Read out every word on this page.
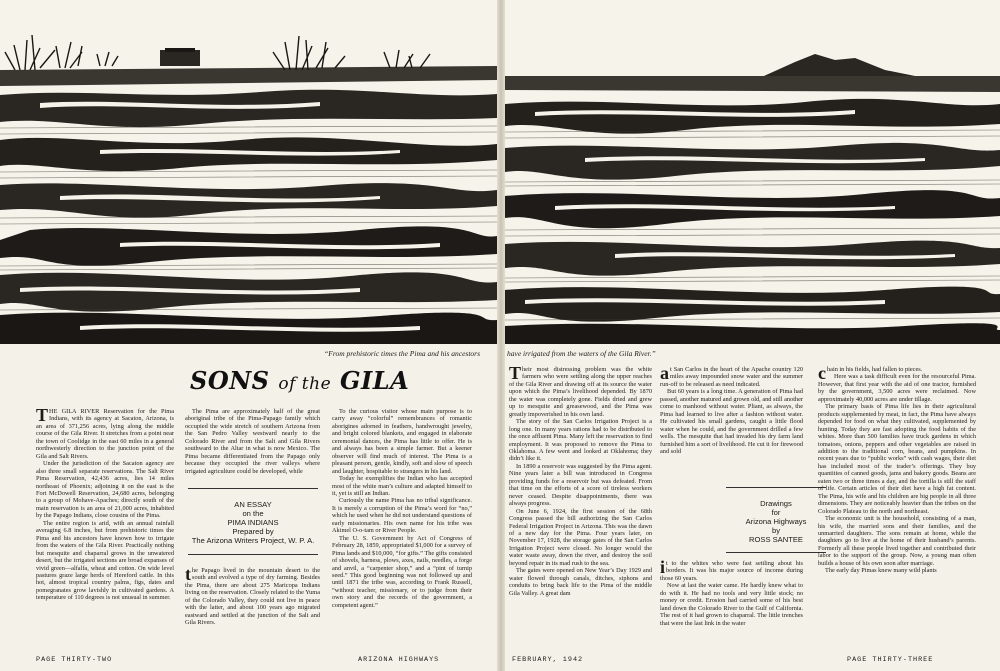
“From prehistoric times the Pima and his ancestors
SONS of the GILA

THE GILA RIVER Reservation for the Pima Indians, with its agency at Sacaton, Arizona, is an area of 371,256 acres, lying along the middle course of the Gila River. It stretches from a point near the town of Coolidge in the east 60 miles in a general northwesterly direction to the junction point of the Gila and Salt Rivers.

Under the jurisdiction of the Sacaton agency are also three small separate reservations. The Salt River Pima Reservation, 42,436 acres, lies 14 miles northeast of Phoenix; adjoining it on the east is the Fort McDowell Reservation, 24,680 acres, belonging to a group of Mohave-Apaches; directly south of the main reservation is an area of 21,000 acres, inhabited by the Papago Indians, close cousins of the Pima.

The entire region is arid, with an annual rainfall averaging 6.8 inches, but from prehistoric times the Pima and his ancestors have known how to irrigate from the waters of the Gila River. Practically nothing but mesquite and chaparral grows in the unwatered desert, but the irrigated sections are broad expanses of vivid green—alfalfa, wheat and cotton. On wide level pastures graze large herds of Hereford cattle. In this hot, almost tropical country palms, figs, dates and pomegranates grow lavishly in cultivated gardens. A temperature of 110 degrees is not unusual in summer.

The Pima are approximately half of the great aboriginal tribe of the Pima-Papago family which occupied the wide stretch of southern Arizona from the San Pedro Valley westward nearly to the Colorado River and from the Salt and Gila Rivers southward to the Altar in what is now Mexico. The Pima became differentiated from the Papago only because they occupied the river valleys where irrigated agriculture could be developed, while

AN ESSAY
on the
PIMA INDIANS
Prepared by
The Arizona Writers Project, W. P. A.

the Papago lived in the mountain desert to the south and evolved a type of dry farming. Besides the Pima, there are about 275 Maricopa Indians living on the reservation. Closely related to the Yuma of the Colorado Valley, they could not live in peace with the latter, and about 100 years ago migrated eastward and settled at the junction of the Salt and Gila Rivers.

To the curious visitor whose main purpose is to carry away “colorful” remembrances of romantic aborigines adorned in feathers, handwrought jewelry, and bright colored blankets, and engaged in elaborate ceremonial dances, the Pima has little to offer. He is and always has been a simple farmer. But a keener observer will find much of interest. The Pima is a pleasant person, gentle, kindly, soft and slow of speech and laughter, hospitable to strangers in his land.

Today he exemplifies the Indian who has accepted most of the white man’s culture and adapted himself to it, yet is still an Indian.

Curiously the name Pima has no tribal significance. It is merely a corruption of the Pima’s word for “no,” which he used when he did not understand questions of early missionaries. His own name for his tribe was Akimel O-o-tam or River People.

The U. S. Government by Act of Congress of February 28, 1859, appropriated $1,000 for a survey of Pima lands and $10,000, “for gifts.” The gifts consisted of shovels, harness, plows, axes, nails, needles, a forge and anvil, a “carpenter shop,” and a “pint of turnip seed.” This good beginning was not followed up and until 1871 the tribe was, according to Frank Russell, “without teacher, missionary, or to judge from their own story and the records of the government, a competent agent.”

PAGE THIRTY-TWO	ARIZONA HIGHWAYS
have irrigated from the waters of the Gila River.”

Their most distressing problem was the white farmers who were settling along the upper reaches of the Gila River and drawing off at its source the water upon which the Pima’s livelihood depended. By 1870 the water was completely gone. Fields dried and grew up to mesquite and greasewood, and the Pima was greatly impoverished in his own land.

The story of the San Carlos Irrigation Project is a long one. In many years rations had to be distributed to the once affluent Pima. Many left the reservation to find employment. It was proposed to remove the Pima to Oklahoma. A few went and looked at Oklahoma; they didn’t like it.

In 1890 a reservoir was suggested by the Pima agent. Nine years later a bill was introduced in Congress providing funds for a reservoir but was defeated. From that time on the efforts of a score of tireless workers never ceased. Despite disappointments, there was always progress.

On June 6, 1924, the first session of the 68th Congress passed the bill authorizing the San Carlos Federal Irrigation Project in Arizona. This was the dawn of a new day for the Pima. Four years later, on November 17, 1928, the storage gates of the San Carlos Irrigation Project were closed. No longer would the water waste away, down the river, and destroy the soil beyond repair in its mad rush to the sea.

The gates were opened on New Year’s Day 1929 and water flowed through canals, ditches, siphons and conduits to bring back life to the Pima of the middle Gila Valley. A great dam

at San Carlos in the heart of the Apache country 120 miles away impounded snow water and the summer run-off to be released as need indicated.

But 60 years is a long time. A generation of Pima had passed, another matured and grown old, and still another come to manhood without water. Pliant, as always, the Pima had learned to live after a fashion without water. He cultivated his small gardens, caught a little flood water when he could, and the government drilled a few wells. The mesquite that had invaded his dry farm land furnished him a sort of livelihood. He cut it for firewood and sold

Drawings
for
Arizona Highways
by
ROSS SANTEE

it to the whites who were fast settling about his borders. It was his major source of income during those 60 years.

Now at last the water came. He hardly knew what to do with it. He had no tools and very little stock; no money or credit. Erosion had carried some of his best land down the Colorado River to the Gulf of California. The rest of it had grown to chaparral. The little trenches that were the last link in the water

chain in his fields, had fallen to pieces.

Here was a task difficult even for the resourceful Pima. However, that first year with the aid of one tractor, furnished by the government, 3,500 acres were reclaimed. Now approximately 40,000 acres are under tillage.

The primary basis of Pima life lies in their agricultural products supplemented by meat, in fact, the Pima have always depended for food on what they cultivated, supplemented by hunting. Today they are fast adopting the food habits of the whites. More than 500 families have truck gardens in which tomatoes, onions, peppers and other vegetables are raised in addition to the traditional corn, beans, and pumpkins. In recent years due to “public works” with cash wages, their diet has included most of the trader’s offerings. They buy quantities of canned goods, jams and bakery goods. Beans are eaten two or three times a day, and the tortilla is still the staff of life. Certain articles of their diet have a high fat content. The Pima, his wife and his children are big people in all three dimensions. They are noticeably heavier than the tribes on the Colorado Plateau to the north and northeast.

The economic unit is the household, consisting of a man, his wife, the married sons and their families, and the unmarried daughters. The sons remain at home, while the daughters go to live at the home of their husband’s parents. Formerly all these people lived together and contributed their labor to the support of the group. Now, a young man often builds a house of his own soon after marriage.

The early day Pimas knew many wild plants

FEBRUARY, 1942	PAGE THIRTY-THREE
